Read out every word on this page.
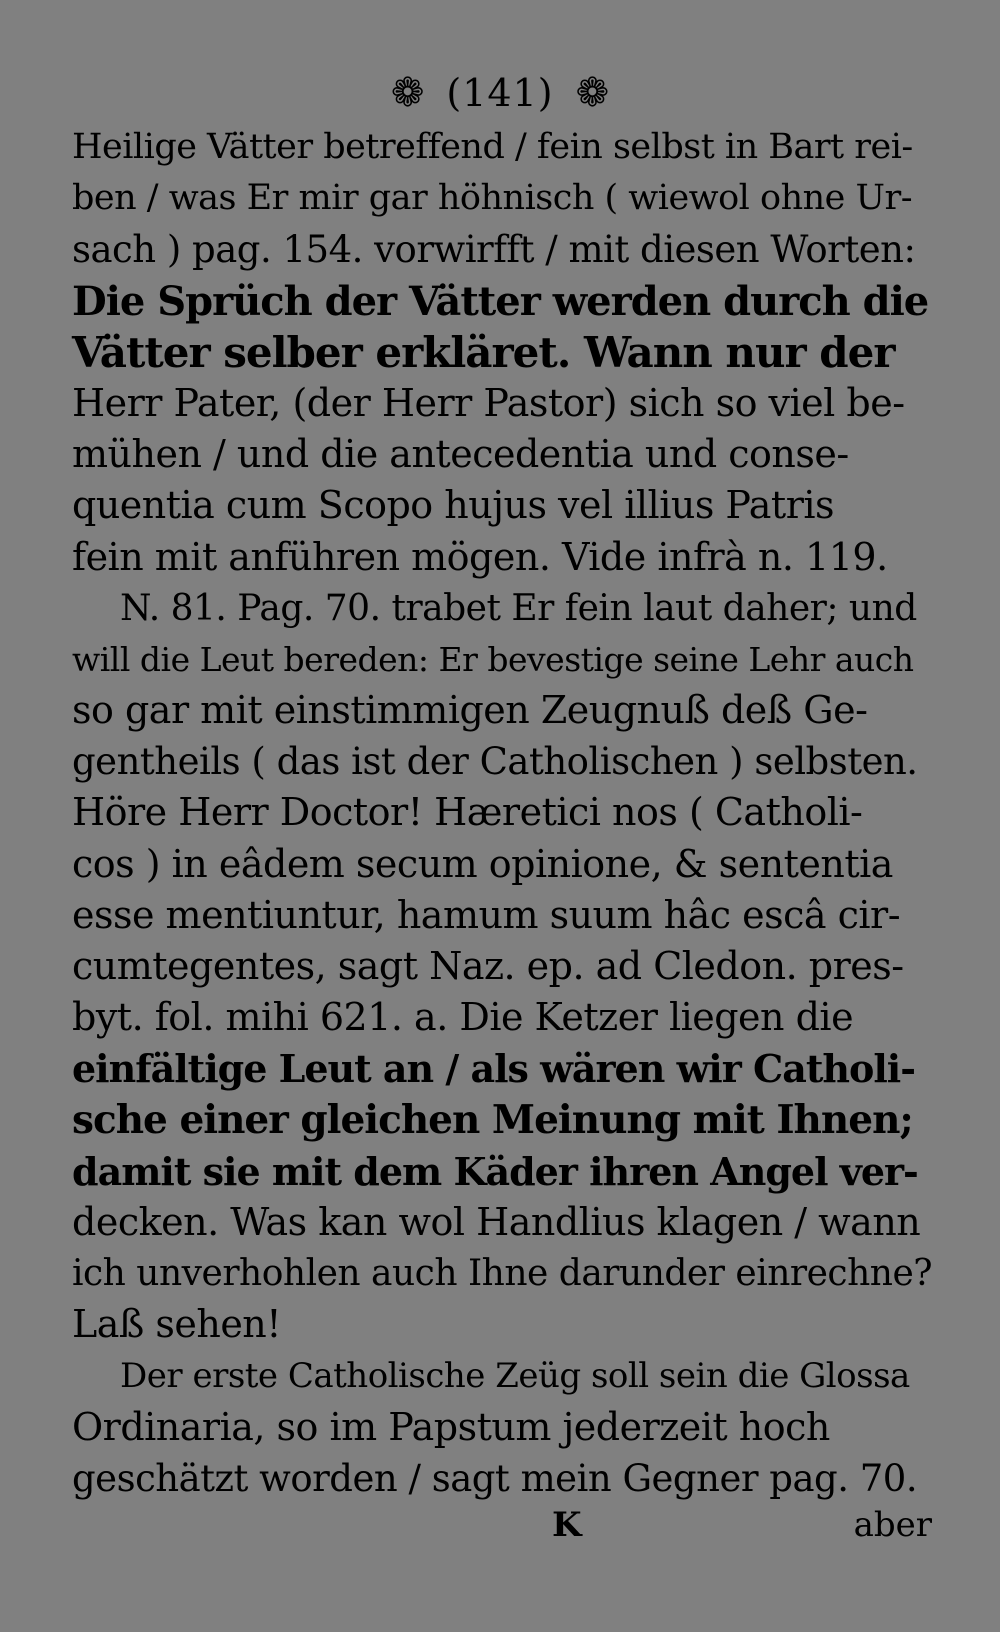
❁ (141) ❁
Heilige Vätter betreffend / fein selbst in Bart rei-
ben / was Er mir gar höhnisch ( wiewol ohne Ur-
sach ) pag. 154. vorwirfft / mit diesen Worten:
Die Sprüch der Vätter werden durch die
Vätter selber erkläret. Wann nur der
Herr Pater, (der Herr Pastor) sich so viel be-
mühen / und die antecedentia und conse-
quentia cum Scopo hujus vel illius Patris
fein mit anführen mögen. Vide infrà n. 119.
N. 81. Pag. 70. trabet Er fein laut daher; und
will die Leut bereden: Er bevestige seine Lehr auch
so gar mit einstimmigen Zeugnuß deß Ge-
gentheils ( das ist der Catholischen ) selbsten.
Höre Herr Doctor! Hæretici nos ( Catholi-
cos ) in eâdem secum opinione, & sententia
esse mentiuntur, hamum suum hâc escâ cir-
cumtegentes, sagt Naz. ep. ad Cledon. pres-
byt. fol. mihi 621. a. Die Ketzer liegen die
einfältige Leut an / als wären wir Catholi-
sche einer gleichen Meinung mit Ihnen;
damit sie mit dem Käder ihren Angel ver-
decken. Was kan wol Handlius klagen / wann
ich unverhohlen auch Ihne darunder einrechne?
Laß sehen!
Der erste Catholische Zeüg soll sein die Glossa
Ordinaria, so im Papstum jederzeit hoch
geschätzt worden / sagt mein Gegner pag. 70.
K	aber
